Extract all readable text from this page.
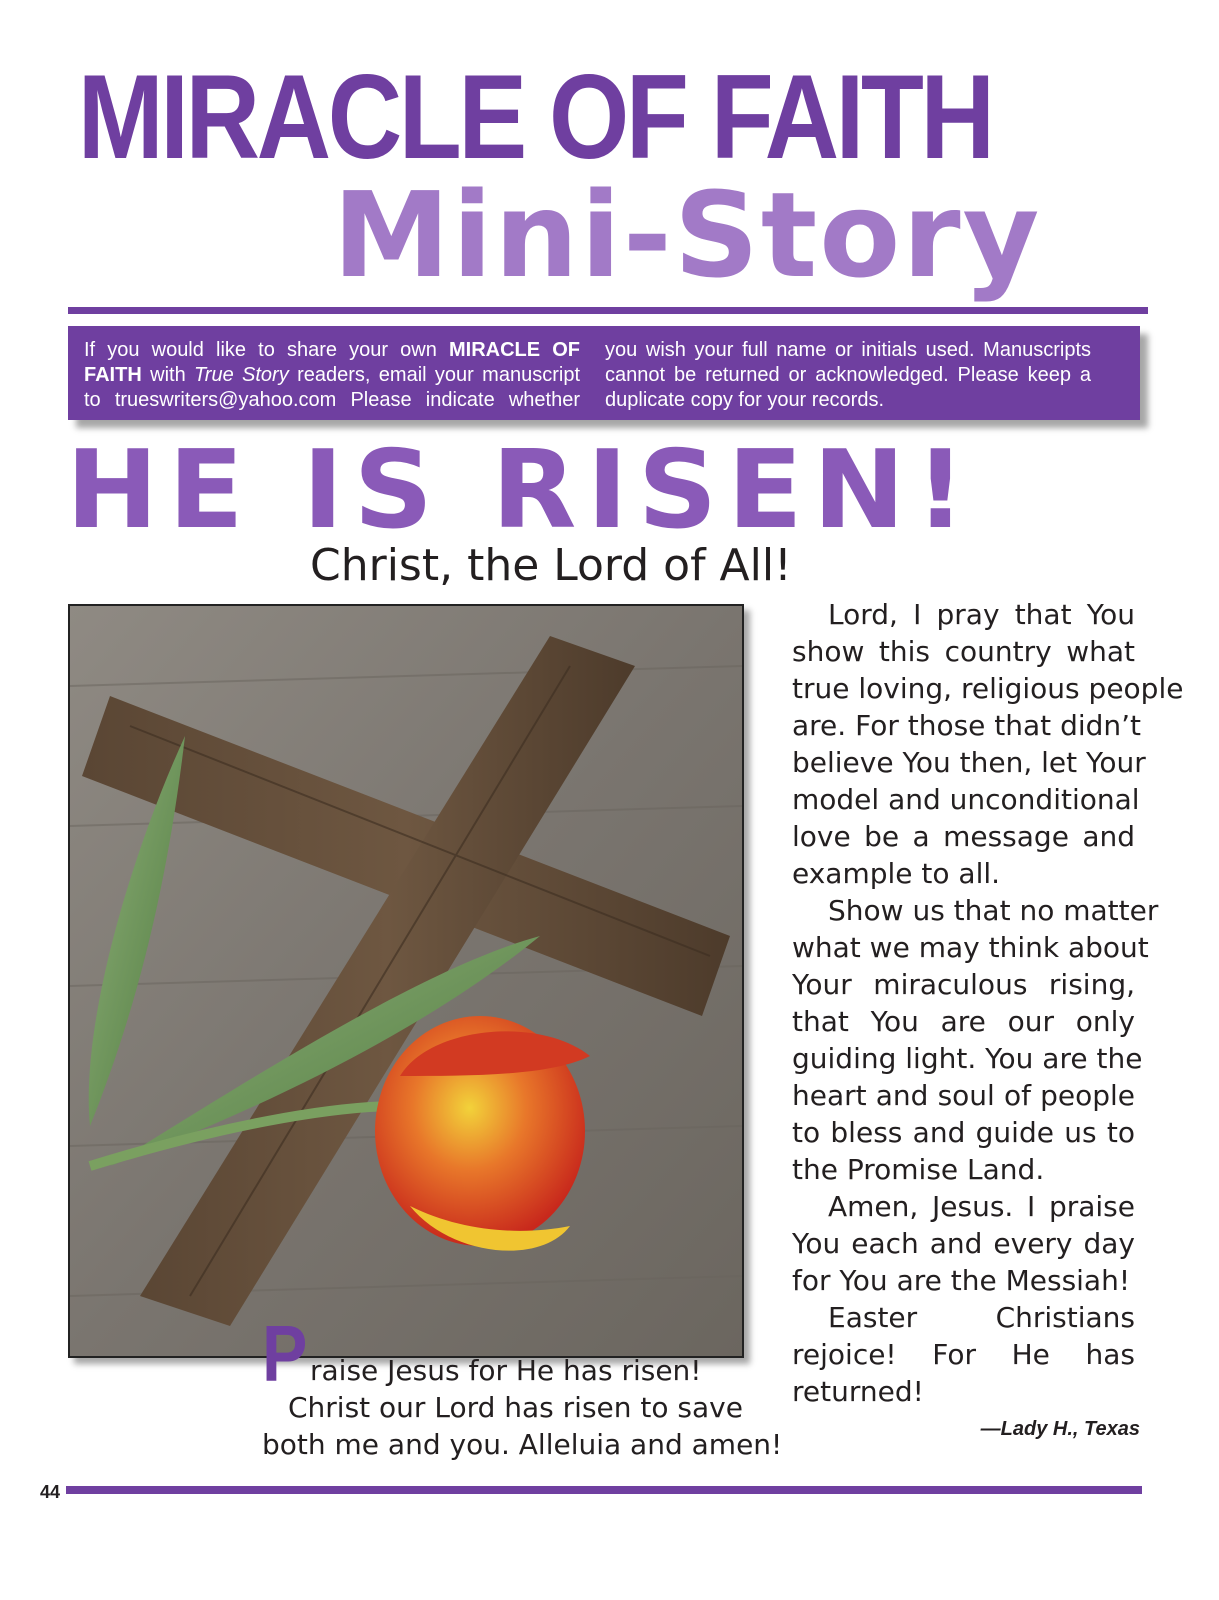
MIRACLE OF FAITH
Mini-Story
If you would like to share your own MIRACLE OF
FAITH with True Story readers, email your manuscript
to trueswriters@yahoo.com Please indicate whether
you wish your full name or initials used. Manuscripts
cannot be returned or acknowledged. Please keep a
duplicate copy for your records.
HE IS RISEN!
Christ, the Lord of All!
Lord, I pray that You
show this country what
true loving, religious people
are. For those that didn’t
believe You then, let Your
model and unconditional
love be a message and
example to all.
Show us that no matter
what we may think about
Your miraculous rising,
that You are our only
guiding light. You are the
heart and soul of people
to bless and guide us to
the Promise Land.
Amen, Jesus. I praise
You each and every day
for You are the Messiah!
Easter Christians
rejoice! For He has
returned!
P raise Jesus for He has risen!
Christ our Lord has risen to save
both me and you. Alleluia and amen!	—Lady H., Texas
44
